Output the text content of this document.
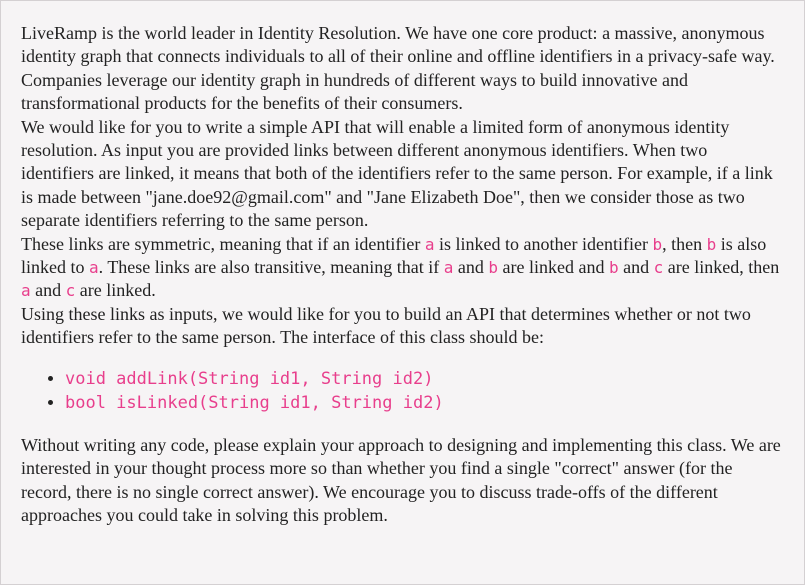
LiveRamp is the world leader in Identity Resolution. We have one core product: a massive, anonymous identity graph that connects individuals to all of their online and offline identifiers in a privacy-safe way. Companies leverage our identity graph in hundreds of different ways to build innovative and transformational products for the benefits of their consumers.

We would like for you to write a simple API that will enable a limited form of anonymous identity resolution. As input you are provided links between different anonymous identifiers. When two identifiers are linked, it means that both of the identifiers refer to the same person. For example, if a link is made between "jane.doe92@gmail.com" and "Jane Elizabeth Doe", then we consider those as two separate identifiers referring to the same person.

These links are symmetric, meaning that if an identifier a is linked to another identifier b, then b is also linked to a. These links are also transitive, meaning that if a and b are linked and b and c are linked, then a and c are linked.

Using these links as inputs, we would like for you to build an API that determines whether or not two identifiers refer to the same person. The interface of this class should be:

• void addLink(String id1, String id2)
• bool isLinked(String id1, String id2)

Without writing any code, please explain your approach to designing and implementing this class. We are interested in your thought process more so than whether you find a single "correct" answer (for the record, there is no single correct answer). We encourage you to discuss trade-offs of the different approaches you could take in solving this problem.
